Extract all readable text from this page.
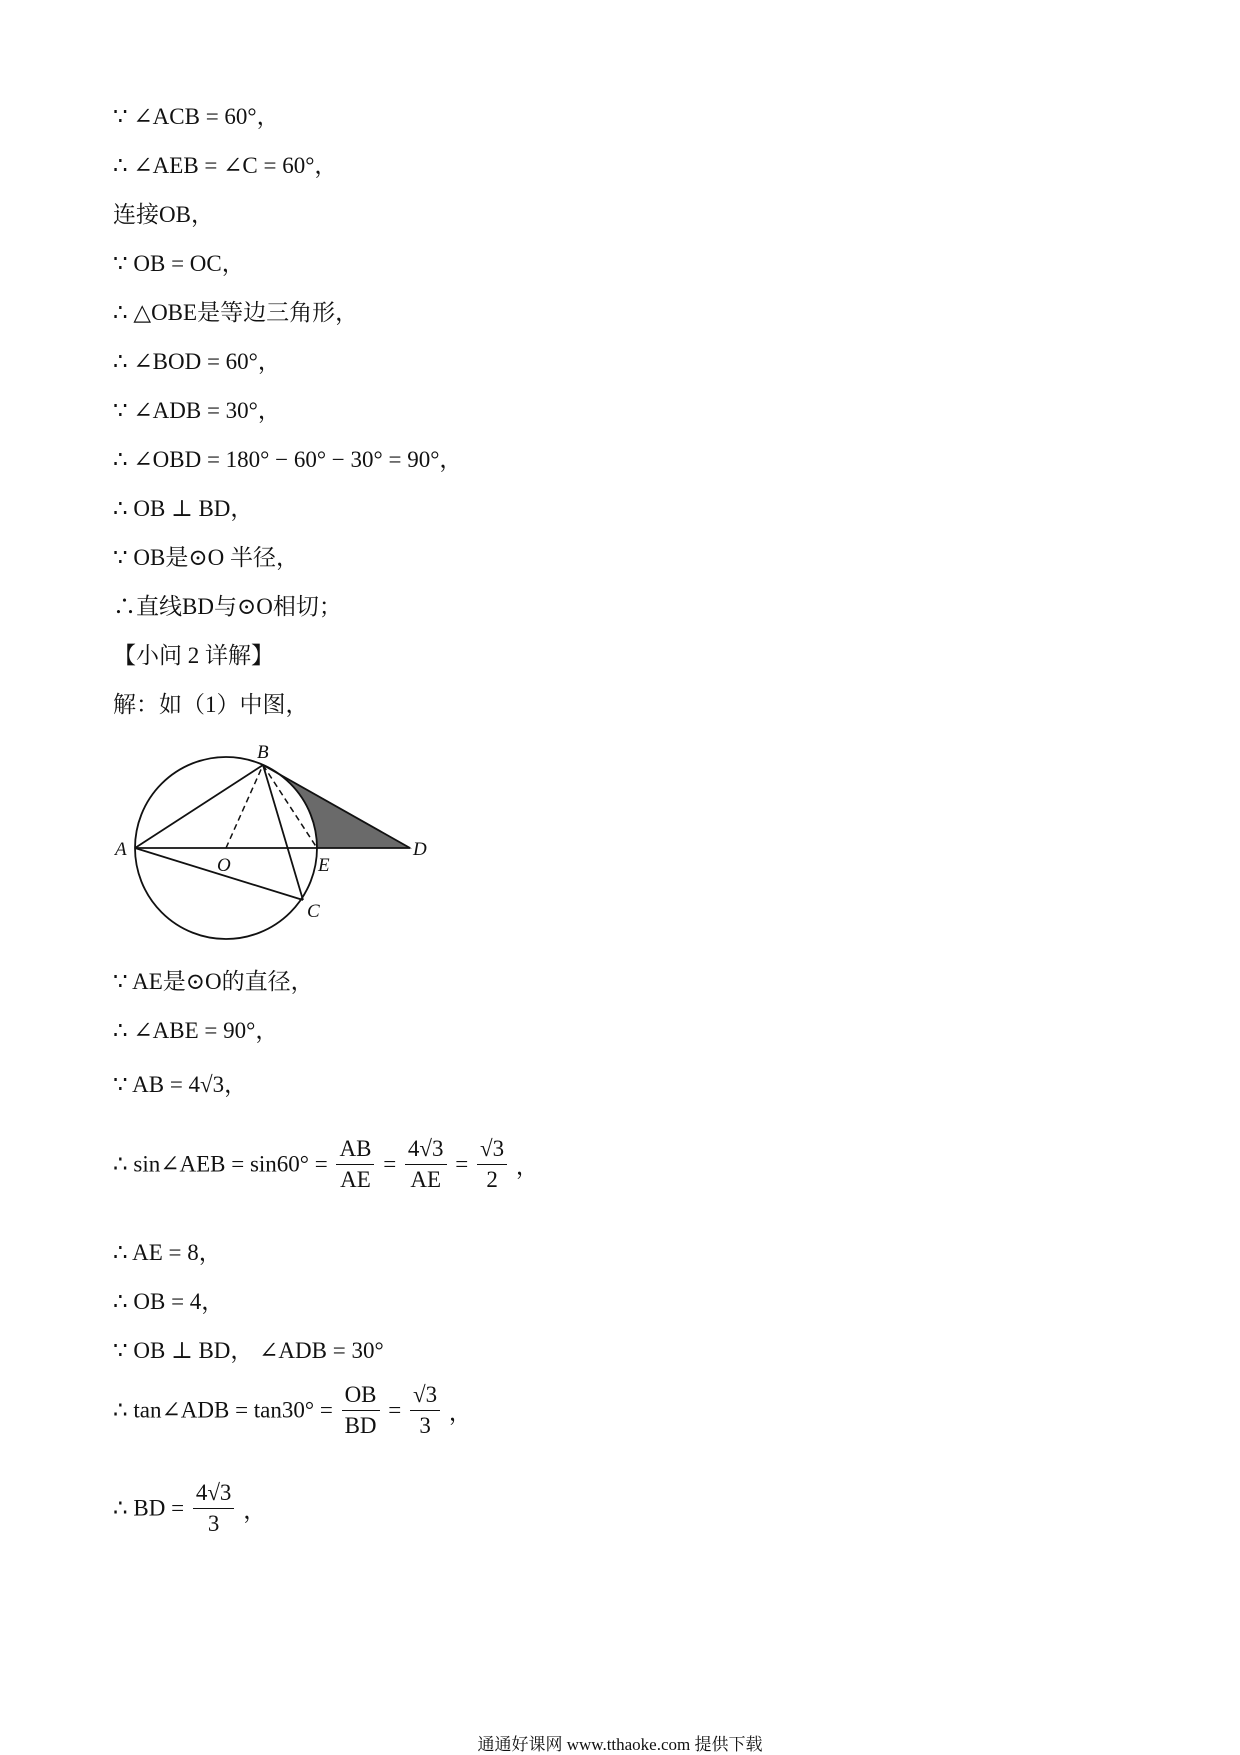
∵ ∠ACB = 60°，
∴ ∠AEB = ∠C = 60°，
连接OB，
∵ OB = OC，
∴ △OBE是等边三角形，
∴ ∠BOD = 60°，
∵ ∠ADB = 30°，
∴ ∠OBD = 180° − 60° − 30° = 90°，
∴ OB ⊥ BD，
∵ OB是⊙O 半径，
∴直线BD与⊙O相切；
【小问 2 详解】
解：如（1）中图，
∵ AE是⊙O的直径，
∴ ∠ABE = 90°，
∵ AB = 4√3，
∴ AE = 8，
∴ OB = 4，
∵ OB ⊥ BD， ∠ADB = 30°
B
A
O	E
D
C
∴ sin∠AEB = $\sin 60^\circ = \frac{AB}{AE} = \frac{4√3}{AE} = \frac{√3}{2}$ ，
∴ tan∠ADB = $\tan 30^\circ = \frac{OB}{BD} = \frac{√3}{3}$ ，
∴ BD = $\frac{4√3}{3}$ ，
通通好课网 www.tthaoke.com 提供下载
